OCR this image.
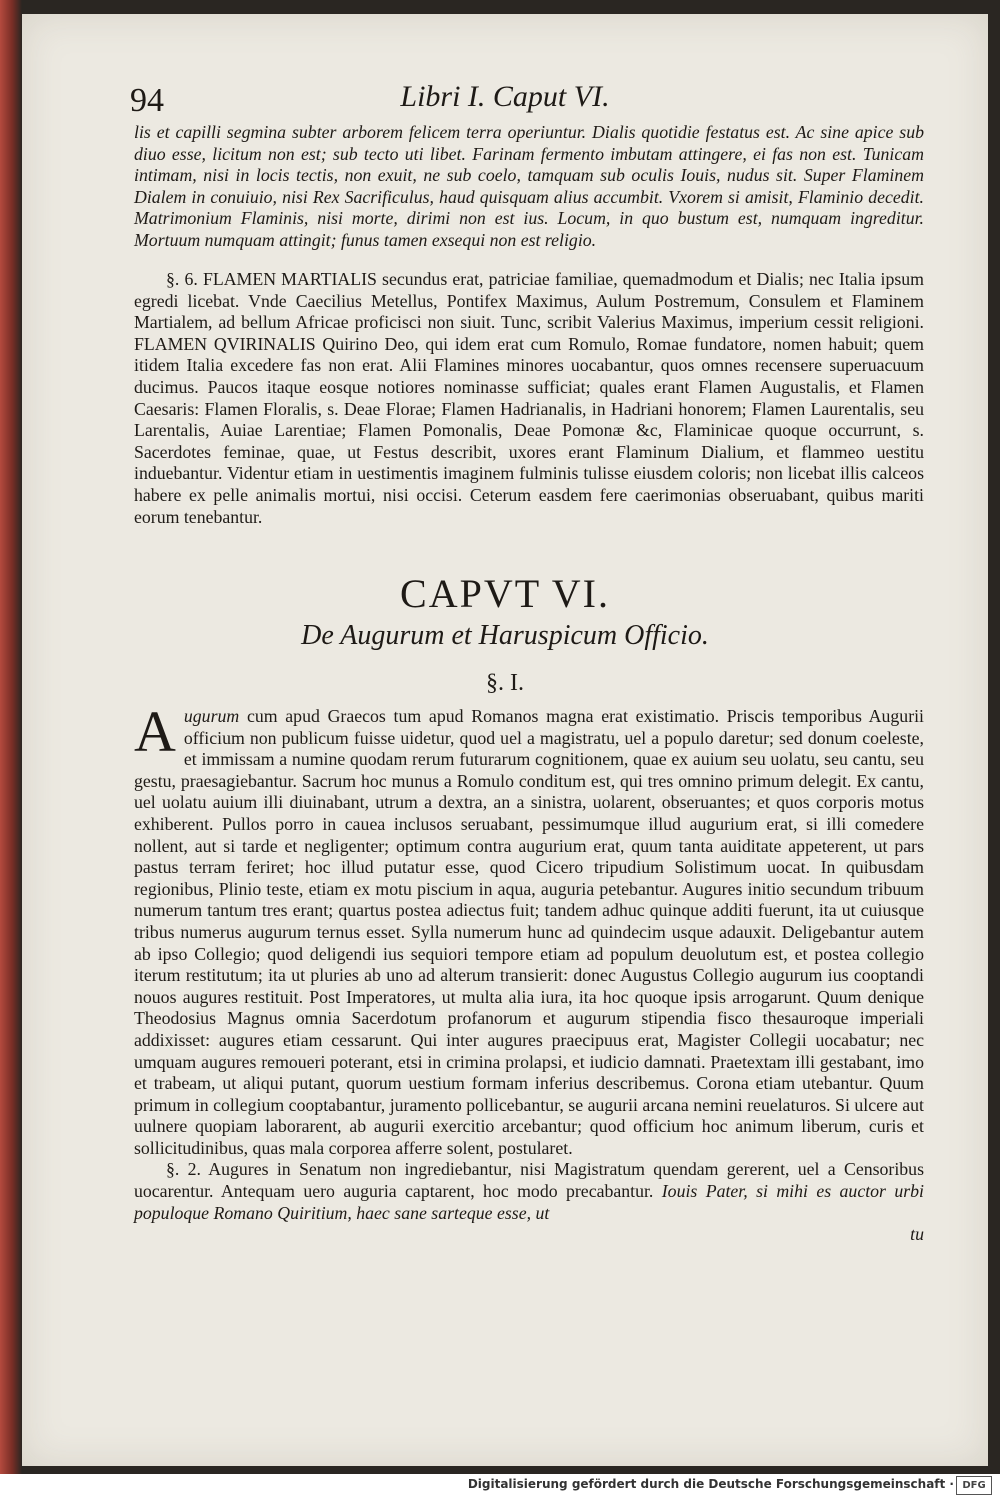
94	Libri I. Caput VI.

lis et capilli segmina subter arborem felicem terra operiuntur. Dialis quotidie festatus est. Ac sine apice sub diuo esse, licitum non est; sub tecto uti libet. Farinam fermento imbutam attingere, ei fas non est. Tunicam intimam, nisi in locis tectis, non exuit, ne sub coelo, tamquam sub oculis Iouis, nudus sit. Super Flaminem Dialem in conuiuio, nisi Rex Sacrificulus, haud quisquam alius accumbit. Vxorem si amisit, Flaminio decedit. Matrimonium Flaminis, nisi morte, dirimi non est ius. Locum, in quo bustum est, numquam ingreditur. Mortuum numquam attingit; funus tamen exsequi non est religio.

§. 6. FLAMEN MARTIALIS secundus erat, patriciae familiae, quemadmodum et Dialis; nec Italia ipsum egredi licebat. Vnde Caecilius Metellus, Pontifex Maximus, Aulum Postremum, Consulem et Flaminem Martialem, ad bellum Africae proficisci non siuit. Tunc, scribit Valerius Maximus, imperium cessit religioni. FLAMEN QVIRINALIS Quirino Deo, qui idem erat cum Romulo, Romae fundatore, nomen habuit; quem itidem Italia excedere fas non erat. Alii Flamines minores uocabantur, quos omnes recensere superuacuum ducimus. Paucos itaque eosque notiores nominasse sufficiat; quales erant Flamen Augustalis, et Flamen Caesaris: Flamen Floralis, s. Deae Florae; Flamen Hadrianalis, in Hadriani honorem; Flamen Laurentalis, seu Larentalis, Auiae Larentiae; Flamen Pomonalis, Deae Pomonæ &c, Flaminicae quoque occurrunt, s. Sacerdotes feminae, quae, ut Festus describit, uxores erant Flaminum Dialium, et flammeo uestitu induebantur. Videntur etiam in uestimentis imaginem fulminis tulisse eiusdem coloris; non licebat illis calceos habere ex pelle animalis mortui, nisi occisi. Ceterum easdem fere caerimonias obseruabant, quibus mariti eorum tenebantur.

CAPVT VI.
De Augurum et Haruspicum Officio.
§. I.

Augurum cum apud Graecos tum apud Romanos magna erat existimatio. Priscis temporibus Augurii officium non publicum fuisse uidetur, quod uel a magistratu, uel a populo daretur; sed donum coeleste, et immissam a numine quodam rerum futurarum cognitionem, quae ex auium seu uolatu, seu cantu, seu gestu, praesagiebantur. Sacrum hoc munus a Romulo conditum est, qui tres omnino primum delegit. Ex cantu, uel uolatu auium illi diuinabant, utrum a dextra, an a sinistra, uolarent, obseruantes; et quos corporis motus exhiberent. Pullos porro in cauea inclusos seruabant, pessimumque illud augurium erat, si illi comedere nollent, aut si tarde et negligenter; optimum contra augurium erat, quum tanta auiditate appeterent, ut pars pastus terram feriret; hoc illud putatur esse, quod Cicero tripudium Solistimum uocat. In quibusdam regionibus, Plinio teste, etiam ex motu piscium in aqua, auguria petebantur. Augures initio secundum tribuum numerum tantum tres erant; quartus postea adiectus fuit; tandem adhuc quinque additi fuerunt, ita ut cuiusque tribus numerus augurum ternus esset. Sylla numerum hunc ad quindecim usque adauxit. Deligebantur autem ab ipso Collegio; quod deligendi ius sequiori tempore etiam ad populum deuolutum est, et postea collegio iterum restitutum; ita ut pluries ab uno ad alterum transierit: donec Augustus Collegio augurum ius cooptandi nouos augures restituit. Post Imperatores, ut multa alia iura, ita hoc quoque ipsis arrogarunt. Quum denique Theodosius Magnus omnia Sacerdotum profanorum et augurum stipendia fisco thesauroque imperiali addixisset: augures etiam cessarunt. Qui inter augures praecipuus erat, Magister Collegii uocabatur; nec umquam augures remoueri poterant, etsi in crimina prolapsi, et iudicio damnati. Praetextam illi gestabant, imo et trabeam, ut aliqui putant, quorum uestium formam inferius describemus. Corona etiam utebantur. Quum primum in collegium cooptabantur, juramento pollicebantur, se augurii arcana nemini reuelaturos. Si ulcere aut uulnere quopiam laborarent, ab augurii exercitio arcebantur; quod officium hoc animum liberum, curis et sollicitudinibus, quas mala corporea afferre solent, postularet.

§. 2. Augures in Senatum non ingrediebantur, nisi Magistratum quendam gererent, uel a Censoribus uocarentur. Antequam uero auguria captarent, hoc modo precabantur. Iouis Pater, si mihi es auctor urbi populoque Romano Quiritium, haec sane sarteque esse, ut

tu

Digitalisierung gefördert durch die Deutsche Forschungsgemeinschaft · DFG
